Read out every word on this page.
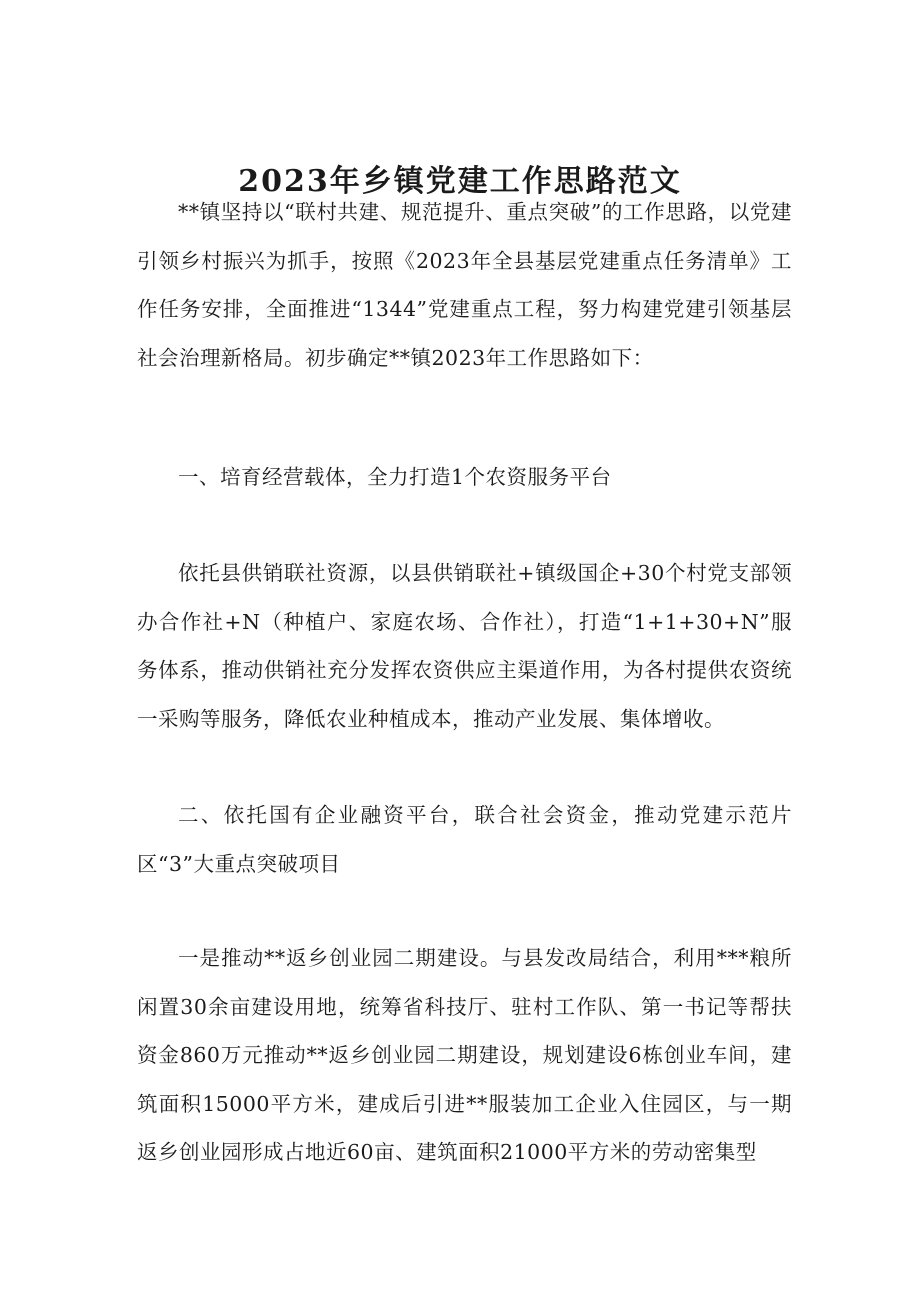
2023年乡镇党建工作思路范文

**镇坚持以“联村共建、规范提升、重点突破”的工作思路，以党建引领乡村振兴为抓手，按照《2023年全县基层党建重点任务清单》工作任务安排，全面推进“1344”党建重点工程，努力构建党建引领基层社会治理新格局。初步确定**镇2023年工作思路如下：

一、培育经营载体，全力打造1个农资服务平台

依托县供销联社资源，以县供销联社+镇级国企+30个村党支部领办合作社+N（种植户、家庭农场、合作社），打造“1+1+30+N”服务体系，推动供销社充分发挥农资供应主渠道作用，为各村提供农资统一采购等服务，降低农业种植成本，推动产业发展、集体增收。

二、依托国有企业融资平台，联合社会资金，推动党建示范片区“3”大重点突破项目

一是推动**返乡创业园二期建设。与县发改局结合，利用***粮所闲置30余亩建设用地，统筹省科技厅、驻村工作队、第一书记等帮扶资金860万元推动**返乡创业园二期建设，规划建设6栋创业车间，建筑面积15000平方米，建成后引进**服装加工企业入住园区，与一期返乡创业园形成占地近60亩、建筑面积21000平方米的劳动密集型
